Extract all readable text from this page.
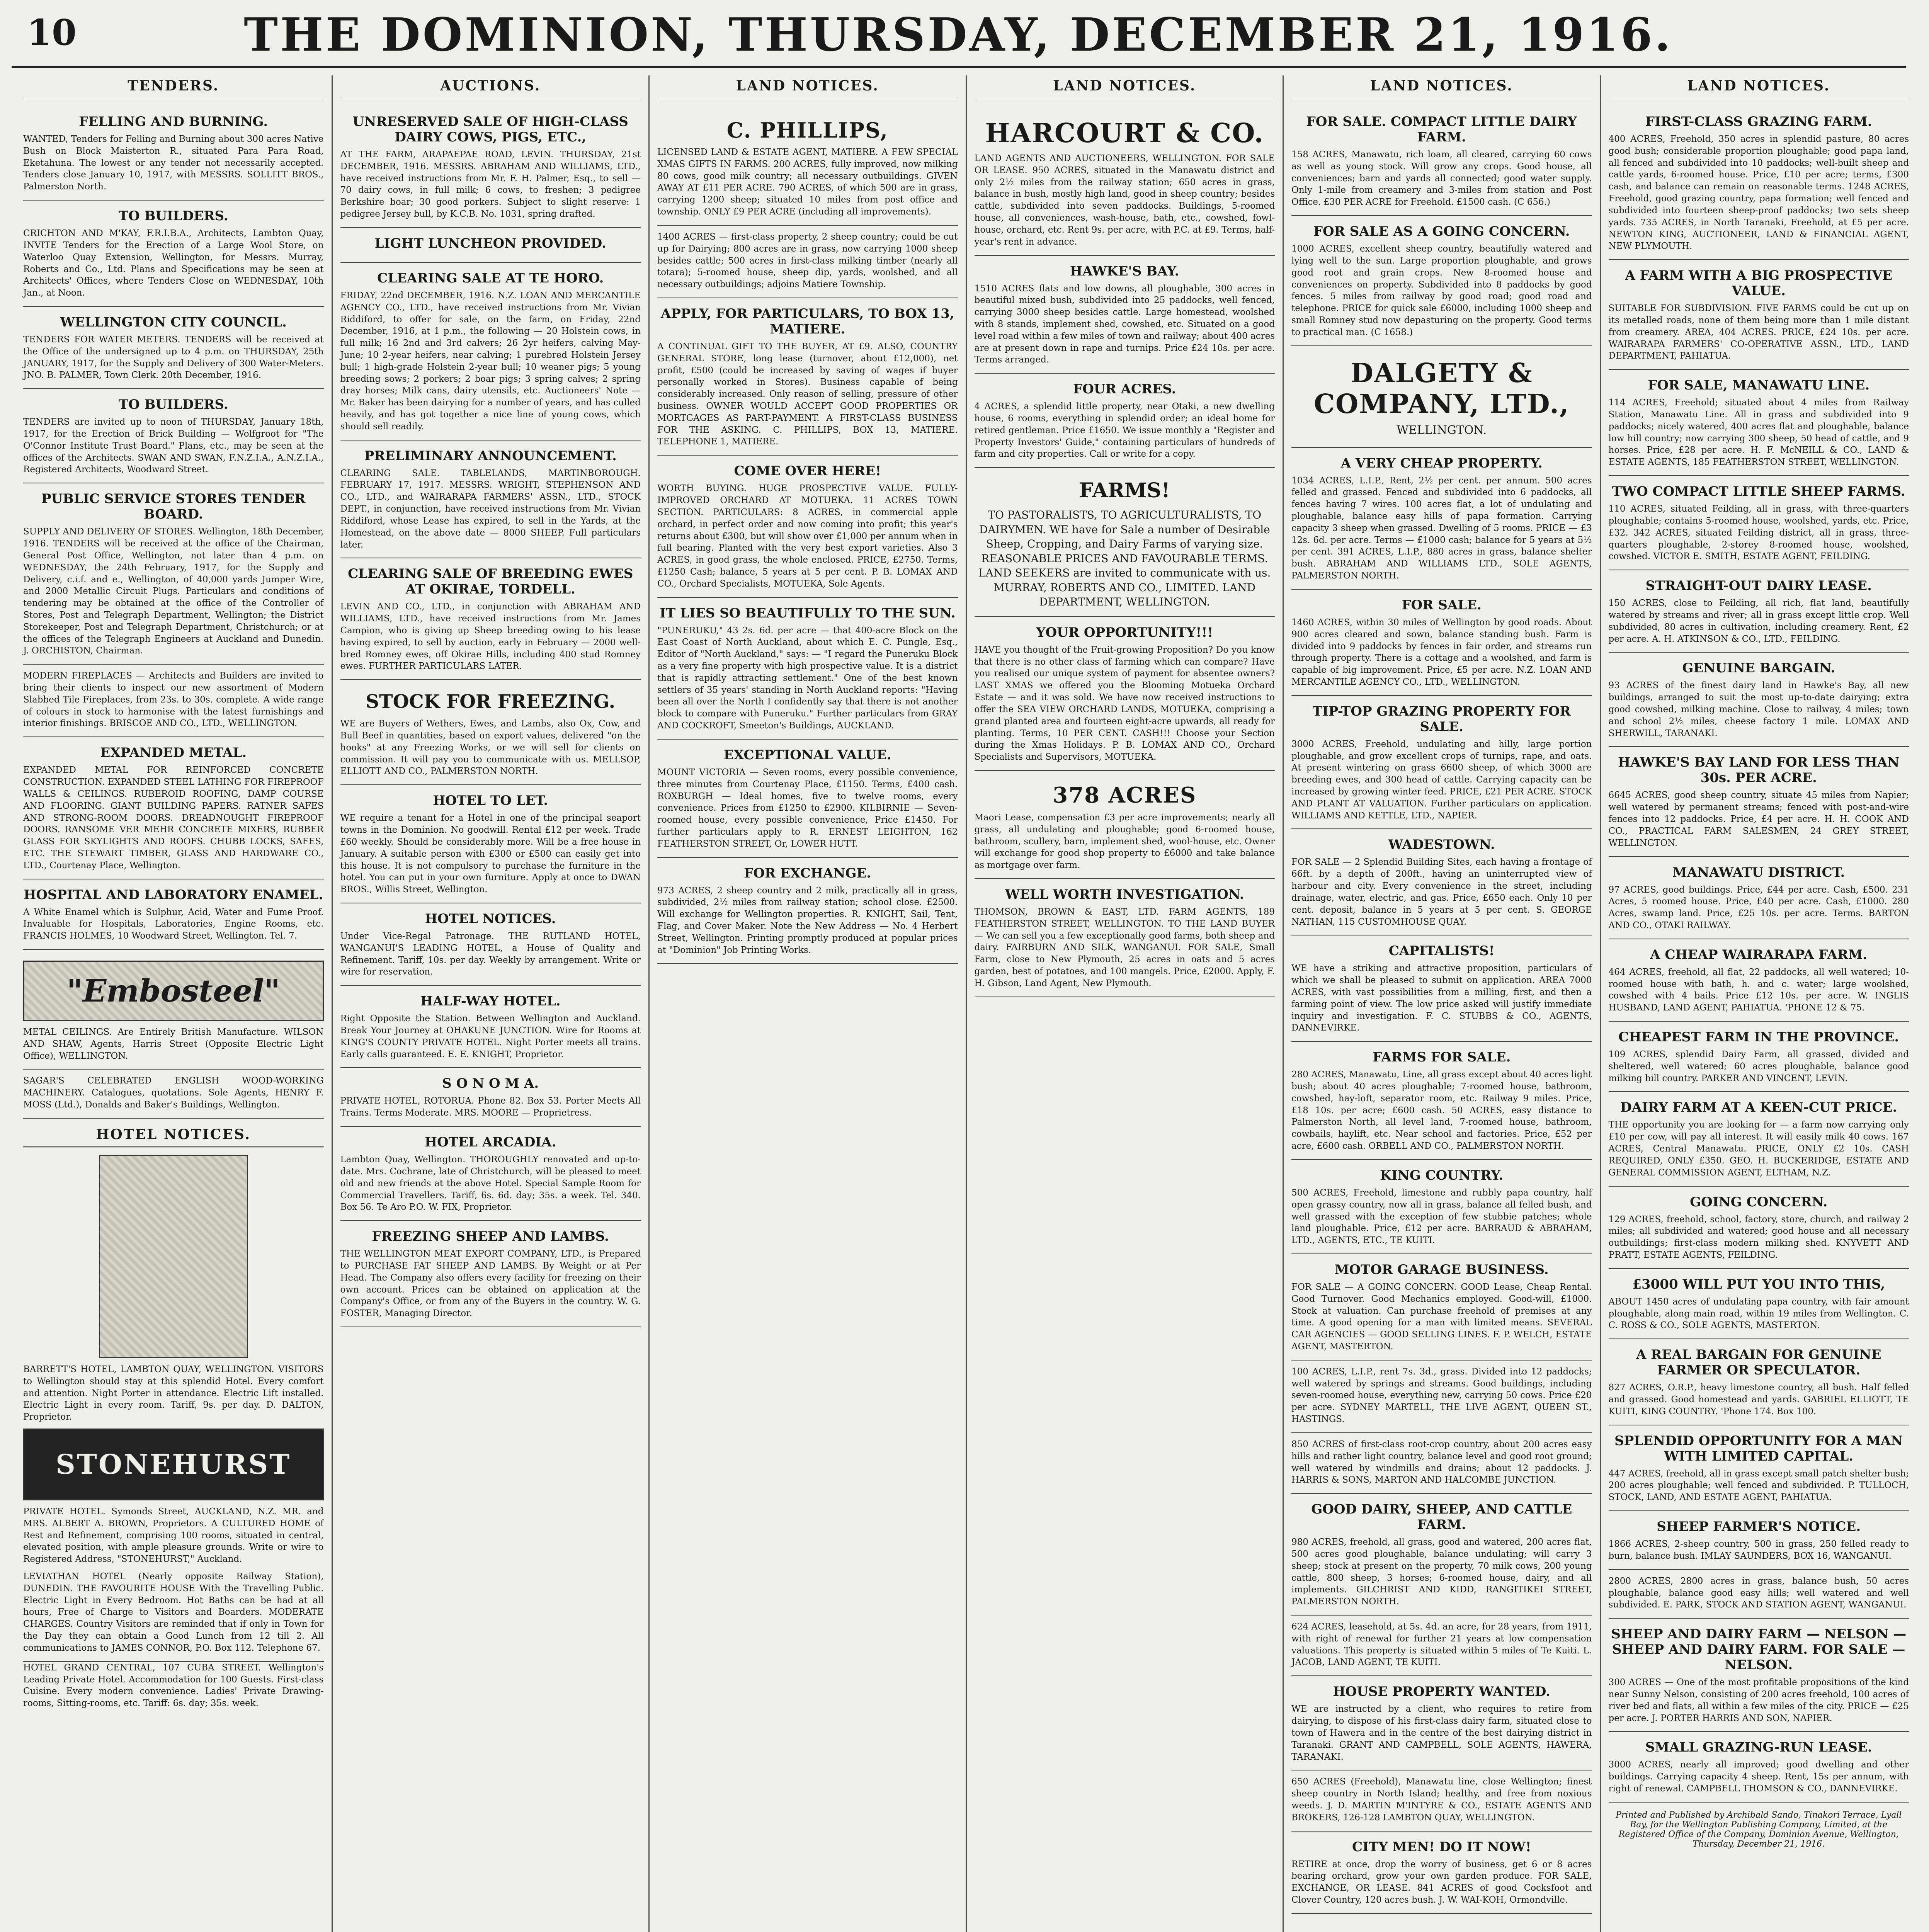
10	THE DOMINION, THURSDAY, DECEMBER 21, 1916.
TENDERS.
FELLING AND BURNING.
WANTED, Tenders for Felling and Burning about 300 acres Native Bush on Block Maisterton R., situated Para Para Road, Eketahuna. The lowest or any tender not necessarily accepted. Tenders close January 10, 1917, with MESSRS. SOLLITT BROS., Palmerston North.
TO BUILDERS.
CRICHTON AND M'KAY, F.R.I.B.A., Architects, Lambton Quay, INVITE Tenders for the Erection of a Large Wool Store, on Waterloo Quay Extension, Wellington, for Messrs. Murray, Roberts and Co., Ltd. Plans and Specifications may be seen at Architects' Offices, where Tenders Close on WEDNESDAY, 10th Jan., at Noon.
WELLINGTON CITY COUNCIL.
TENDERS FOR WATER METERS. TENDERS will be received at the Office of the undersigned up to 4 p.m. on THURSDAY, 25th JANUARY, 1917, for the Supply and Delivery of 300 Water-Meters. JNO. B. PALMER, Town Clerk. 20th December, 1916.
TO BUILDERS.
TENDERS are invited up to noon of THURSDAY, January 18th, 1917, for the Erection of Brick Building — Wolfgroot for "The O'Connor Institute Trust Board." Plans, etc., may be seen at the offices of the Architects. SWAN AND SWAN, F.N.Z.I.A., A.N.Z.I.A., Registered Architects, Woodward Street.
PUBLIC SERVICE STORES TENDER BOARD.
SUPPLY AND DELIVERY OF STORES. Wellington, 18th December, 1916. TENDERS will be received at the office of the Chairman, General Post Office, Wellington, not later than 4 p.m. on WEDNESDAY, the 24th February, 1917, for the Supply and Delivery, c.i.f. and e., Wellington, of 40,000 yards Jumper Wire, and 2000 Metallic Circuit Plugs. Particulars and conditions of tendering may be obtained at the office of the Controller of Stores, Post and Telegraph Department, Wellington; the District Storekeeper, Post and Telegraph Department, Christchurch; or at the offices of the Telegraph Engineers at Auckland and Dunedin. J. ORCHISTON, Chairman.
MODERN FIREPLACES — Architects and Builders are invited to bring their clients to inspect our new assortment of Modern Slabbed Tile Fireplaces, from 23s. to 30s. complete. A wide range of colours in stock to harmonise with the latest furnishings and interior finishings. BRISCOE AND CO., LTD., WELLINGTON.
EXPANDED METAL.
EXPANDED METAL FOR REINFORCED CONCRETE CONSTRUCTION. EXPANDED STEEL LATHING FOR FIREPROOF WALLS & CEILINGS. RUBEROID ROOFING, DAMP COURSE AND FLOORING. GIANT BUILDING PAPERS. RATNER SAFES AND STRONG-ROOM DOORS. DREADNOUGHT FIREPROOF DOORS. RANSOME VER MEHR CONCRETE MIXERS, RUBBER GLASS FOR SKYLIGHTS AND ROOFS. CHUBB LOCKS, SAFES, ETC. THE STEWART TIMBER, GLASS AND HARDWARE CO., LTD., Courtenay Place, Wellington.
HOSPITAL AND LABORATORY ENAMEL.
A White Enamel which is Sulphur, Acid, Water and Fume Proof. Invaluable for Hospitals, Laboratories, Engine Rooms, etc. FRANCIS HOLMES, 10 Woodward Street, Wellington. Tel. 7.
"Embosteel"
METAL CEILINGS. Are Entirely British Manufacture. WILSON AND SHAW, Agents, Harris Street (Opposite Electric Light Office), WELLINGTON.
SAGAR'S CELEBRATED ENGLISH WOOD-WORKING MACHINERY. Catalogues, quotations. Sole Agents, HENRY F. MOSS (Ltd.), Donalds and Baker's Buildings, Wellington.
HOTEL NOTICES.
BARRETT'S HOTEL, LAMBTON QUAY, WELLINGTON. VISITORS to Wellington should stay at this splendid Hotel. Every comfort and attention. Night Porter in attendance. Electric Lift installed. Electric Light in every room. Tariff, 9s. per day. D. DALTON, Proprietor.
STONEHURST
PRIVATE HOTEL. Symonds Street, AUCKLAND, N.Z. MR. and MRS. ALBERT A. BROWN, Proprietors. A CULTURED HOME of Rest and Refinement, comprising 100 rooms, situated in central, elevated position, with ample pleasure grounds. Write or wire to Registered Address, "STONEHURST," Auckland.
LEVIATHAN HOTEL (Nearly opposite Railway Station), DUNEDIN. THE FAVOURITE HOUSE With the Travelling Public. Electric Light in Every Bedroom. Hot Baths can be had at all hours, Free of Charge to Visitors and Boarders. MODERATE CHARGES. Country Visitors are reminded that if only in Town for the Day they can obtain a Good Lunch from 12 till 2. All communications to JAMES CONNOR, P.O. Box 112. Telephone 67.
HOTEL GRAND CENTRAL, 107 CUBA STREET. Wellington's Leading Private Hotel. Accommodation for 100 Guests. First-class Cuisine. Every modern convenience. Ladies' Private Drawing-rooms, Sitting-rooms, etc. Tariff: 6s. day; 35s. week.
AUCTIONS.
UNRESERVED SALE OF HIGH-CLASS DAIRY COWS, PIGS, ETC.,
AT THE FARM, ARAPAEPAE ROAD, LEVIN. THURSDAY, 21st DECEMBER, 1916. MESSRS. ABRAHAM AND WILLIAMS, LTD., have received instructions from Mr. F. H. Palmer, Esq., to sell — 70 dairy cows, in full milk; 6 cows, to freshen; 3 pedigree Berkshire boar; 30 good porkers. Subject to slight reserve: 1 pedigree Jersey bull, by K.C.B. No. 1031, spring drafted.
LIGHT LUNCHEON PROVIDED.
CLEARING SALE AT TE HORO.
FRIDAY, 22nd DECEMBER, 1916. N.Z. LOAN AND MERCANTILE AGENCY CO., LTD., have received instructions from Mr. Vivian Riddiford, to offer for sale, on the farm, on Friday, 22nd December, 1916, at 1 p.m., the following — 20 Holstein cows, in full milk; 16 2nd and 3rd calvers; 26 2yr heifers, calving May-June; 10 2-year heifers, near calving; 1 purebred Holstein Jersey bull; 1 high-grade Holstein 2-year bull; 10 weaner pigs; 5 young breeding sows; 2 porkers; 2 boar pigs; 3 spring calves; 2 spring dray horses; Milk cans, dairy utensils, etc. Auctioneers' Note — Mr. Baker has been dairying for a number of years, and has culled heavily, and has got together a nice line of young cows, which should sell readily.
PRELIMINARY ANNOUNCEMENT.
CLEARING SALE. TABLELANDS, MARTINBOROUGH. FEBRUARY 17, 1917. MESSRS. WRIGHT, STEPHENSON AND CO., LTD., and WAIRARAPA FARMERS' ASSN., LTD., STOCK DEPT., in conjunction, have received instructions from Mr. Vivian Riddiford, whose Lease has expired, to sell in the Yards, at the Homestead, on the above date — 8000 SHEEP. Full particulars later.
CLEARING SALE OF BREEDING EWES AT OKIRAE, TORDELL.
LEVIN AND CO., LTD., in conjunction with ABRAHAM AND WILLIAMS, LTD., have received instructions from Mr. James Campion, who is giving up Sheep breeding owing to his lease having expired, to sell by auction, early in February — 2000 well-bred Romney ewes, off Okirae Hills, including 400 stud Romney ewes. FURTHER PARTICULARS LATER.
STOCK FOR FREEZING.
WE are Buyers of Wethers, Ewes, and Lambs, also Ox, Cow, and Bull Beef in quantities, based on export values, delivered "on the hooks" at any Freezing Works, or we will sell for clients on commission. It will pay you to communicate with us. MELLSOP, ELLIOTT AND CO., PALMERSTON NORTH.
HOTEL TO LET.
WE require a tenant for a Hotel in one of the principal seaport towns in the Dominion. No goodwill. Rental £12 per week. Trade £60 weekly. Should be considerably more. Will be a free house in January. A suitable person with £300 or £500 can easily get into this house. It is not compulsory to purchase the furniture in the hotel. You can put in your own furniture. Apply at once to DWAN BROS., Willis Street, Wellington.
HOTEL NOTICES.
Under Vice-Regal Patronage. THE RUTLAND HOTEL, WANGANUI'S LEADING HOTEL, a House of Quality and Refinement. Tariff, 10s. per day. Weekly by arrangement. Write or wire for reservation.
HALF-WAY HOTEL.
Right Opposite the Station. Between Wellington and Auckland. Break Your Journey at OHAKUNE JUNCTION. Wire for Rooms at KING'S COUNTY PRIVATE HOTEL. Night Porter meets all trains. Early calls guaranteed. E. E. KNIGHT, Proprietor.
S O N O M A.
PRIVATE HOTEL, ROTORUA. Phone 82. Box 53. Porter Meets All Trains. Terms Moderate. MRS. MOORE — Proprietress.
HOTEL ARCADIA.
Lambton Quay, Wellington. THOROUGHLY renovated and up-to-date. Mrs. Cochrane, late of Christchurch, will be pleased to meet old and new friends at the above Hotel. Special Sample Room for Commercial Travellers. Tariff, 6s. 6d. day; 35s. a week. Tel. 340. Box 56. Te Aro P.O. W. FIX, Proprietor.
FREEZING SHEEP AND LAMBS.
THE WELLINGTON MEAT EXPORT COMPANY, LTD., is Prepared to PURCHASE FAT SHEEP AND LAMBS. By Weight or at Per Head. The Company also offers every facility for freezing on their own account. Prices can be obtained on application at the Company's Office, or from any of the Buyers in the country. W. G. FOSTER, Managing Director.
LAND NOTICES.
C. PHILLIPS,
LICENSED LAND & ESTATE AGENT, MATIERE. A FEW SPECIAL XMAS GIFTS IN FARMS. 200 ACRES, fully improved, now milking 80 cows, good milk country; all necessary outbuildings. GIVEN AWAY AT £11 PER ACRE. 790 ACRES, of which 500 are in grass, carrying 1200 sheep; situated 10 miles from post office and township. ONLY £9 PER ACRE (including all improvements).
1400 ACRES — first-class property, 2 sheep country; could be cut up for Dairying; 800 acres are in grass, now carrying 1000 sheep besides cattle; 500 acres in first-class milking timber (nearly all totara); 5-roomed house, sheep dip, yards, woolshed, and all necessary outbuildings; adjoins Matiere Township.
APPLY, FOR PARTICULARS, TO BOX 13, MATIERE.
A CONTINUAL GIFT TO THE BUYER, AT £9. ALSO, COUNTRY GENERAL STORE, long lease (turnover, about £12,000), net profit, £500 (could be increased by saving of wages if buyer personally worked in Stores). Business capable of being considerably increased. Only reason of selling, pressure of other business. OWNER WOULD ACCEPT GOOD PROPERTIES OR MORTGAGES AS PART-PAYMENT. A FIRST-CLASS BUSINESS FOR THE ASKING. C. PHILLIPS, BOX 13, MATIERE. TELEPHONE 1, MATIERE.
COME OVER HERE!
WORTH BUYING. HUGE PROSPECTIVE VALUE. FULLY-IMPROVED ORCHARD AT MOTUEKA. 11 ACRES TOWN SECTION. PARTICULARS: 8 ACRES, in commercial apple orchard, in perfect order and now coming into profit; this year's returns about £300, but will show over £1,000 per annum when in full bearing. Planted with the very best export varieties. Also 3 ACRES, in good grass, the whole enclosed. PRICE, £2750. Terms, £1250 Cash; balance, 5 years at 5 per cent. P. B. LOMAX AND CO., Orchard Specialists, MOTUEKA, Sole Agents.
IT LIES SO BEAUTIFULLY TO THE SUN.
"PUNERUKU," 43 2s. 6d. per acre — that 400-acre Block on the East Coast of North Auckland, about which E. C. Pungle, Esq., Editor of "North Auckland," says: — "I regard the Puneruku Block as a very fine property with high prospective value. It is a district that is rapidly attracting settlement." One of the best known settlers of 35 years' standing in North Auckland reports: "Having been all over the North I confidently say that there is not another block to compare with Puneruku." Further particulars from GRAY AND COCKROFT, Smeeton's Buildings, AUCKLAND.
EXCEPTIONAL VALUE.
MOUNT VICTORIA — Seven rooms, every possible convenience, three minutes from Courtenay Place, £1150. Terms, £400 cash. ROXBURGH — Ideal homes, five to twelve rooms, every convenience. Prices from £1250 to £2900. KILBIRNIE — Seven-roomed house, every possible convenience, Price £1450. For further particulars apply to R. ERNEST LEIGHTON, 162 FEATHERSTON STREET, Or, LOWER HUTT.
FOR EXCHANGE.
973 ACRES, 2 sheep country and 2 milk, practically all in grass, subdivided, 2½ miles from railway station; school close. £2500. Will exchange for Wellington properties. R. KNIGHT, Sail, Tent, Flag, and Cover Maker. Note the New Address — No. 4 Herbert Street, Wellington. Printing promptly produced at popular prices at "Dominion" Job Printing Works.
LAND NOTICES.
HARCOURT & CO.
LAND AGENTS AND AUCTIONEERS, WELLINGTON. FOR SALE OR LEASE. 950 ACRES, situated in the Manawatu district and only 2½ miles from the railway station; 650 acres in grass, balance in bush, mostly high land, good in sheep country; besides cattle, subdivided into seven paddocks. Buildings, 5-roomed house, all conveniences, wash-house, bath, etc., cowshed, fowl-house, orchard, etc. Rent 9s. per acre, with P.C. at £9. Terms, half-year's rent in advance.
HAWKE'S BAY.
1510 ACRES flats and low downs, all ploughable, 300 acres in beautiful mixed bush, subdivided into 25 paddocks, well fenced, carrying 3000 sheep besides cattle. Large homestead, woolshed with 8 stands, implement shed, cowshed, etc. Situated on a good level road within a few miles of town and railway; about 400 acres are at present down in rape and turnips. Price £24 10s. per acre. Terms arranged.
FOUR ACRES.
4 ACRES, a splendid little property, near Otaki, a new dwelling house, 6 rooms, everything in splendid order; an ideal home for retired gentleman. Price £1650. We issue monthly a "Register and Property Investors' Guide," containing particulars of hundreds of farm and city properties. Call or write for a copy.
FARMS!
TO PASTORALISTS, TO AGRICULTURALISTS, TO DAIRYMEN. WE have for Sale a number of Desirable Sheep, Cropping, and Dairy Farms of varying size. REASONABLE PRICES AND FAVOURABLE TERMS. LAND SEEKERS are invited to communicate with us. MURRAY, ROBERTS AND CO., LIMITED. LAND DEPARTMENT, WELLINGTON.
YOUR OPPORTUNITY!!!
HAVE you thought of the Fruit-growing Proposition? Do you know that there is no other class of farming which can compare? Have you realised our unique system of payment for absentee owners? LAST XMAS we offered you the Blooming Motueka Orchard Estate — and it was sold. We have now received instructions to offer the SEA VIEW ORCHARD LANDS, MOTUEKA, comprising a grand planted area and fourteen eight-acre upwards, all ready for planting. Terms, 10 PER CENT. CASH!!! Choose your Section during the Xmas Holidays. P. B. LOMAX AND CO., Orchard Specialists and Supervisors, MOTUEKA.
378 ACRES
Maori Lease, compensation £3 per acre improvements; nearly all grass, all undulating and ploughable; good 6-roomed house, bathroom, scullery, barn, implement shed, wool-house, etc. Owner will exchange for good shop property to £6000 and take balance as mortgage over farm.
WELL WORTH INVESTIGATION.
THOMSON, BROWN & EAST, LTD. FARM AGENTS, 189 FEATHERSTON STREET, WELLINGTON. TO THE LAND BUYER — We can sell you a few exceptionally good farms, both sheep and dairy. FAIRBURN AND SILK, WANGANUI. FOR SALE, Small Farm, close to New Plymouth, 25 acres in oats and 5 acres garden, best of potatoes, and 100 mangels. Price, £2000. Apply, F. H. Gibson, Land Agent, New Plymouth.
LAND NOTICES.
FOR SALE. COMPACT LITTLE DAIRY FARM.
158 ACRES, Manawatu, rich loam, all cleared, carrying 60 cows as well as young stock. Will grow any crops. Good house, all conveniences; barn and yards all connected; good water supply. Only 1-mile from creamery and 3-miles from station and Post Office. £30 PER ACRE for Freehold. £1500 cash. (C 656.)
FOR SALE AS A GOING CONCERN.
1000 ACRES, excellent sheep country, beautifully watered and lying well to the sun. Large proportion ploughable, and grows good root and grain crops. New 8-roomed house and conveniences on property. Subdivided into 8 paddocks by good fences. 5 miles from railway by good road; good road and telephone. PRICE for quick sale £6000, including 1000 sheep and small Romney stud now depasturing on the property. Good terms to practical man. (C 1658.)
DALGETY & COMPANY, LTD.,
WELLINGTON.
A VERY CHEAP PROPERTY.
1034 ACRES, L.I.P., Rent, 2½ per cent. per annum. 500 acres felled and grassed. Fenced and subdivided into 6 paddocks, all fences having 7 wires. 100 acres flat, a lot of undulating and ploughable, balance easy hills of papa formation. Carrying capacity 3 sheep when grassed. Dwelling of 5 rooms. PRICE — £3 12s. 6d. per acre. Terms — £1000 cash; balance for 5 years at 5½ per cent. 391 ACRES, L.I.P., 880 acres in grass, balance shelter bush. ABRAHAM AND WILLIAMS LTD., SOLE AGENTS, PALMERSTON NORTH.
FOR SALE.
1460 ACRES, within 30 miles of Wellington by good roads. About 900 acres cleared and sown, balance standing bush. Farm is divided into 9 paddocks by fences in fair order, and streams run through property. There is a cottage and a woolshed, and farm is capable of big improvement. Price, £5 per acre. N.Z. LOAN AND MERCANTILE AGENCY CO., LTD., WELLINGTON.
TIP-TOP GRAZING PROPERTY FOR SALE.
3000 ACRES, Freehold, undulating and hilly, large portion ploughable, and grow excellent crops of turnips, rape, and oats. At present wintering on grass 6600 sheep, of which 3000 are breeding ewes, and 300 head of cattle. Carrying capacity can be increased by growing winter feed. PRICE, £21 PER ACRE. STOCK AND PLANT AT VALUATION. Further particulars on application. WILLIAMS AND KETTLE, LTD., NAPIER.
WADESTOWN.
FOR SALE — 2 Splendid Building Sites, each having a frontage of 66ft. by a depth of 200ft., having an uninterrupted view of harbour and city. Every convenience in the street, including drainage, water, electric, and gas. Price, £650 each. Only 10 per cent. deposit, balance in 5 years at 5 per cent. S. GEORGE NATHAN, 115 CUSTOMHOUSE QUAY.
CAPITALISTS!
WE have a striking and attractive proposition, particulars of which we shall be pleased to submit on application. AREA 7000 ACRES, with vast possibilities from a milling, first, and then a farming point of view. The low price asked will justify immediate inquiry and investigation. F. C. STUBBS & CO., AGENTS, DANNEVIRKE.
FARMS FOR SALE.
280 ACRES, Manawatu, Line, all grass except about 40 acres light bush; about 40 acres ploughable; 7-roomed house, bathroom, cowshed, hay-loft, separator room, etc. Railway 9 miles. Price, £18 10s. per acre; £600 cash. 50 ACRES, easy distance to Palmerston North, all level land, 7-roomed house, bathroom, cowbails, haylift, etc. Near school and factories. Price, £52 per acre, £600 cash. ORBELL AND CO., PALMERSTON NORTH.
KING COUNTRY.
500 ACRES, Freehold, limestone and rubbly papa country, half open grassy country, now all in grass, balance all felled bush, and well grassed with the exception of few stubbie patches; whole land ploughable. Price, £12 per acre. BARRAUD & ABRAHAM, LTD., AGENTS, ETC., TE KUITI.
MOTOR GARAGE BUSINESS.
FOR SALE — A GOING CONCERN. GOOD Lease, Cheap Rental. Good Turnover. Good Mechanics employed. Good-will, £1000. Stock at valuation. Can purchase freehold of premises at any time. A good opening for a man with limited means. SEVERAL CAR AGENCIES — GOOD SELLING LINES. F. P. WELCH, ESTATE AGENT, MASTERTON.
100 ACRES, L.I.P., rent 7s. 3d., grass. Divided into 12 paddocks; well watered by springs and streams. Good buildings, including seven-roomed house, everything new, carrying 50 cows. Price £20 per acre. SYDNEY MARTELL, THE LIVE AGENT, QUEEN ST., HASTINGS.
850 ACRES of first-class root-crop country, about 200 acres easy hills and rather light country, balance level and good root ground; well watered by windmills and drains; about 12 paddocks. J. HARRIS & SONS, MARTON AND HALCOMBE JUNCTION.
GOOD DAIRY, SHEEP, AND CATTLE FARM.
980 ACRES, freehold, all grass, good and watered, 200 acres flat, 500 acres good ploughable, balance undulating; will carry 3 sheep; stock at present on the property, 70 milk cows, 200 young cattle, 800 sheep, 3 horses; 6-roomed house, dairy, and all implements. GILCHRIST AND KIDD, RANGITIKEI STREET, PALMERSTON NORTH.
624 ACRES, leasehold, at 5s. 4d. an acre, for 28 years, from 1911, with right of renewal for further 21 years at low compensation valuations. This property is situated within 5 miles of Te Kuiti. L. JACOB, LAND AGENT, TE KUITI.
HOUSE PROPERTY WANTED.
WE are instructed by a client, who requires to retire from dairying, to dispose of his first-class dairy farm, situated close to town of Hawera and in the centre of the best dairying district in Taranaki. GRANT AND CAMPBELL, SOLE AGENTS, HAWERA, TARANAKI.
650 ACRES (Freehold), Manawatu line, close Wellington; finest sheep country in North Island; healthy, and free from noxious weeds. J. D. MARTIN M'INTYRE & CO., ESTATE AGENTS AND BROKERS, 126-128 LAMBTON QUAY, WELLINGTON.
CITY MEN! DO IT NOW!
RETIRE at once, drop the worry of business, get 6 or 8 acres bearing orchard, grow your own garden produce. FOR SALE, EXCHANGE, OR LEASE. 841 ACRES of good Cocksfoot and Clover Country, 120 acres bush. J. W. WAI-KOH, Ormondville.
LAND NOTICES.
FIRST-CLASS GRAZING FARM.
400 ACRES, Freehold, 350 acres in splendid pasture, 80 acres good bush; considerable proportion ploughable; good papa land, all fenced and subdivided into 10 paddocks; well-built sheep and cattle yards, 6-roomed house. Price, £10 per acre; terms, £300 cash, and balance can remain on reasonable terms. 1248 ACRES, Freehold, good grazing country, papa formation; well fenced and subdivided into fourteen sheep-proof paddocks; two sets sheep yards. 735 ACRES, in North Taranaki, Freehold, at £5 per acre. NEWTON KING, AUCTIONEER, LAND & FINANCIAL AGENT, NEW PLYMOUTH.
A FARM WITH A BIG PROSPECTIVE VALUE.
SUITABLE FOR SUBDIVISION. FIVE FARMS could be cut up on its metalled roads, none of them being more than 1 mile distant from creamery. AREA, 404 ACRES. PRICE, £24 10s. per acre. WAIRARAPA FARMERS' CO-OPERATIVE ASSN., LTD., LAND DEPARTMENT, PAHIATUA.
FOR SALE, MANAWATU LINE.
114 ACRES, Freehold; situated about 4 miles from Railway Station, Manawatu Line. All in grass and subdivided into 9 paddocks; nicely watered, 400 acres flat and ploughable, balance low hill country; now carrying 300 sheep, 50 head of cattle, and 9 horses. Price, £28 per acre. H. F. McNEILL & CO., LAND & ESTATE AGENTS, 185 FEATHERSTON STREET, WELLINGTON.
TWO COMPACT LITTLE SHEEP FARMS.
110 ACRES, situated Feilding, all in grass, with three-quarters ploughable; contains 5-roomed house, woolshed, yards, etc. Price, £32. 342 ACRES, situated Feilding district, all in grass, three-quarters ploughable, 2-storey 8-roomed house, woolshed, cowshed. VICTOR E. SMITH, ESTATE AGENT, FEILDING.
STRAIGHT-OUT DAIRY LEASE.
150 ACRES, close to Feilding, all rich, flat land, beautifully watered by streams and river; all in grass except little crop. Well subdivided, 80 acres in cultivation, including creamery. Rent, £2 per acre. A. H. ATKINSON & CO., LTD., FEILDING.
GENUINE BARGAIN.
93 ACRES of the finest dairy land in Hawke's Bay, all new buildings, arranged to suit the most up-to-date dairying; extra good cowshed, milking machine. Close to railway, 4 miles; town and school 2½ miles, cheese factory 1 mile. LOMAX AND SHERWILL, TARANAKI.
HAWKE'S BAY LAND FOR LESS THAN 30s. PER ACRE.
6645 ACRES, good sheep country, situate 45 miles from Napier; well watered by permanent streams; fenced with post-and-wire fences into 12 paddocks. Price, £4 per acre. H. H. COOK AND CO., PRACTICAL FARM SALESMEN, 24 GREY STREET, WELLINGTON.
MANAWATU DISTRICT.
97 ACRES, good buildings. Price, £44 per acre. Cash, £500. 231 Acres, 5 roomed house. Price, £40 per acre. Cash, £1000. 280 Acres, swamp land. Price, £25 10s. per acre. Terms. BARTON AND CO., OTAKI RAILWAY.
A CHEAP WAIRARAPA FARM.
464 ACRES, freehold, all flat, 22 paddocks, all well watered; 10-roomed house with bath, h. and c. water; large woolshed, cowshed with 4 bails. Price £12 10s. per acre. W. INGLIS HUSBAND, LAND AGENT, PAHIATUA. 'PHONE 12 & 75.
CHEAPEST FARM IN THE PROVINCE.
109 ACRES, splendid Dairy Farm, all grassed, divided and sheltered, well watered; 60 acres ploughable, balance good milking hill country. PARKER AND VINCENT, LEVIN.
DAIRY FARM AT A KEEN-CUT PRICE.
THE opportunity you are looking for — a farm now carrying only £10 per cow, will pay all interest. It will easily milk 40 cows. 167 ACRES, Central Manawatu. PRICE, ONLY £2 10s. CASH REQUIRED, ONLY £350. GEO. H. BUCKERIDGE, ESTATE AND GENERAL COMMISSION AGENT, ELTHAM, N.Z.
GOING CONCERN.
129 ACRES, freehold, school, factory, store, church, and railway 2 miles; all subdivided and watered; good house and all necessary outbuildings; first-class modern milking shed. KNYVETT AND PRATT, ESTATE AGENTS, FEILDING.
£3000 WILL PUT YOU INTO THIS,
ABOUT 1450 acres of undulating papa country, with fair amount ploughable, along main road, within 19 miles from Wellington. C. C. ROSS & CO., SOLE AGENTS, MASTERTON.
A REAL BARGAIN FOR GENUINE FARMER OR SPECULATOR.
827 ACRES, O.R.P., heavy limestone country, all bush. Half felled and grassed. Good homestead and yards. GABRIEL ELLIOTT, TE KUITI, KING COUNTRY. 'Phone 174. Box 100.
SPLENDID OPPORTUNITY FOR A MAN WITH LIMITED CAPITAL.
447 ACRES, freehold, all in grass except small patch shelter bush; 200 acres ploughable; well fenced and subdivided. P. TULLOCH, STOCK, LAND, AND ESTATE AGENT, PAHIATUA.
SHEEP FARMER'S NOTICE.
1866 ACRES, 2-sheep country, 500 in grass, 250 felled ready to burn, balance bush. IMLAY SAUNDERS, BOX 16, WANGANUI.
2800 ACRES, 2800 acres in grass, balance bush, 50 acres ploughable, balance good easy hills; well watered and well subdivided. E. PARK, STOCK AND STATION AGENT, WANGANUI.
SHEEP AND DAIRY FARM — NELSON — SHEEP AND DAIRY FARM. FOR SALE — NELSON.
300 ACRES — One of the most profitable propositions of the kind near Sunny Nelson, consisting of 200 acres freehold, 100 acres of river bed and flats, all within a few miles of the city. PRICE — £25 per acre. J. PORTER HARRIS AND SON, NAPIER.
SMALL GRAZING-RUN LEASE.
3000 ACRES, nearly all improved; good dwelling and other buildings. Carrying capacity 4 sheep. Rent, 15s per annum, with right of renewal. CAMPBELL THOMSON & CO., DANNEVIRKE.
Printed and Published by Archibald Sando, Tinakori Terrace, Lyall Bay, for the Wellington Publishing Company, Limited, at the Registered Office of the Company, Dominion Avenue, Wellington, Thursday, December 21, 1916.
